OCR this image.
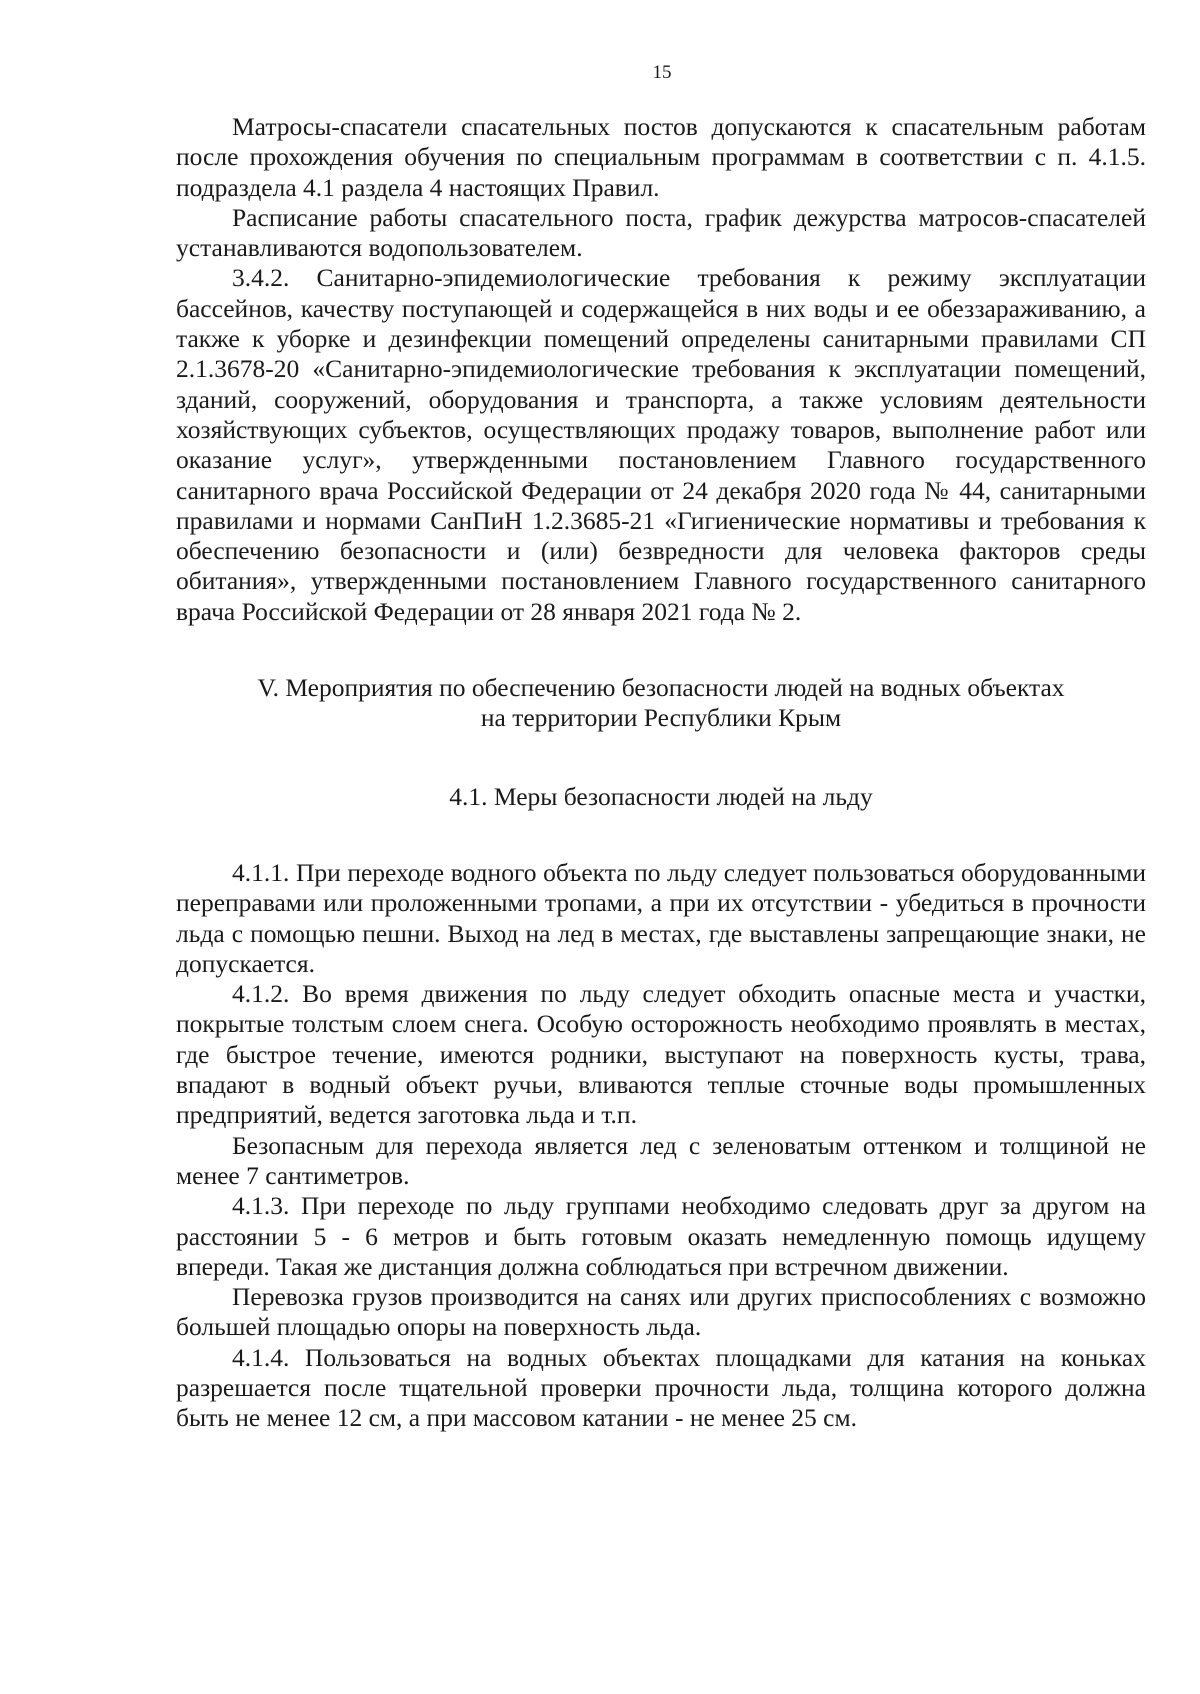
15

Матросы-спасатели спасательных постов допускаются к спасательным работам после прохождения обучения по специальным программам в соответствии с п. 4.1.5. подраздела 4.1 раздела 4 настоящих Правил.

Расписание работы спасательного поста, график дежурства матросов-спасателей устанавливаются водопользователем.

3.4.2. Санитарно-эпидемиологические требования к режиму эксплуатации бассейнов, качеству поступающей и содержащейся в них воды и ее обеззараживанию, а также к уборке и дезинфекции помещений определены санитарными правилами СП 2.1.3678-20 «Санитарно-эпидемиологические требования к эксплуатации помещений, зданий, сооружений, оборудования и транспорта, а также условиям деятельности хозяйствующих субъектов, осуществляющих продажу товаров, выполнение работ или оказание услуг», утвержденными постановлением Главного государственного санитарного врача Российской Федерации от 24 декабря 2020 года № 44, санитарными правилами и нормами СанПиН 1.2.3685-21 «Гигиенические нормативы и требования к обеспечению безопасности и (или) безвредности для человека факторов среды обитания», утвержденными постановлением Главного государственного санитарного врача Российской Федерации от 28 января 2021 года № 2.

V. Мероприятия по обеспечению безопасности людей на водных объектах

на территории Республики Крым

4.1. Меры безопасности людей на льду

4.1.1. При переходе водного объекта по льду следует пользоваться оборудованными переправами или проложенными тропами, а при их отсутствии - убедиться в прочности льда с помощью пешни. Выход на лед в местах, где выставлены запрещающие знаки, не допускается.

4.1.2. Во время движения по льду следует обходить опасные места и участки, покрытые толстым слоем снега. Особую осторожность необходимо проявлять в местах, где быстрое течение, имеются родники, выступают на поверхность кусты, трава, впадают в водный объект ручьи, вливаются теплые сточные воды промышленных предприятий, ведется заготовка льда и т.п.

Безопасным для перехода является лед с зеленоватым оттенком и толщиной не менее 7 сантиметров.

4.1.3. При переходе по льду группами необходимо следовать друг за другом на расстоянии 5 - 6 метров и быть готовым оказать немедленную помощь идущему впереди. Такая же дистанция должна соблюдаться при встречном движении.

Перевозка грузов производится на санях или других приспособлениях с возможно большей площадью опоры на поверхность льда.

4.1.4. Пользоваться на водных объектах площадками для катания на коньках разрешается после тщательной проверки прочности льда, толщина которого должна быть не менее 12 см, а при массовом катании - не менее 25 см.
